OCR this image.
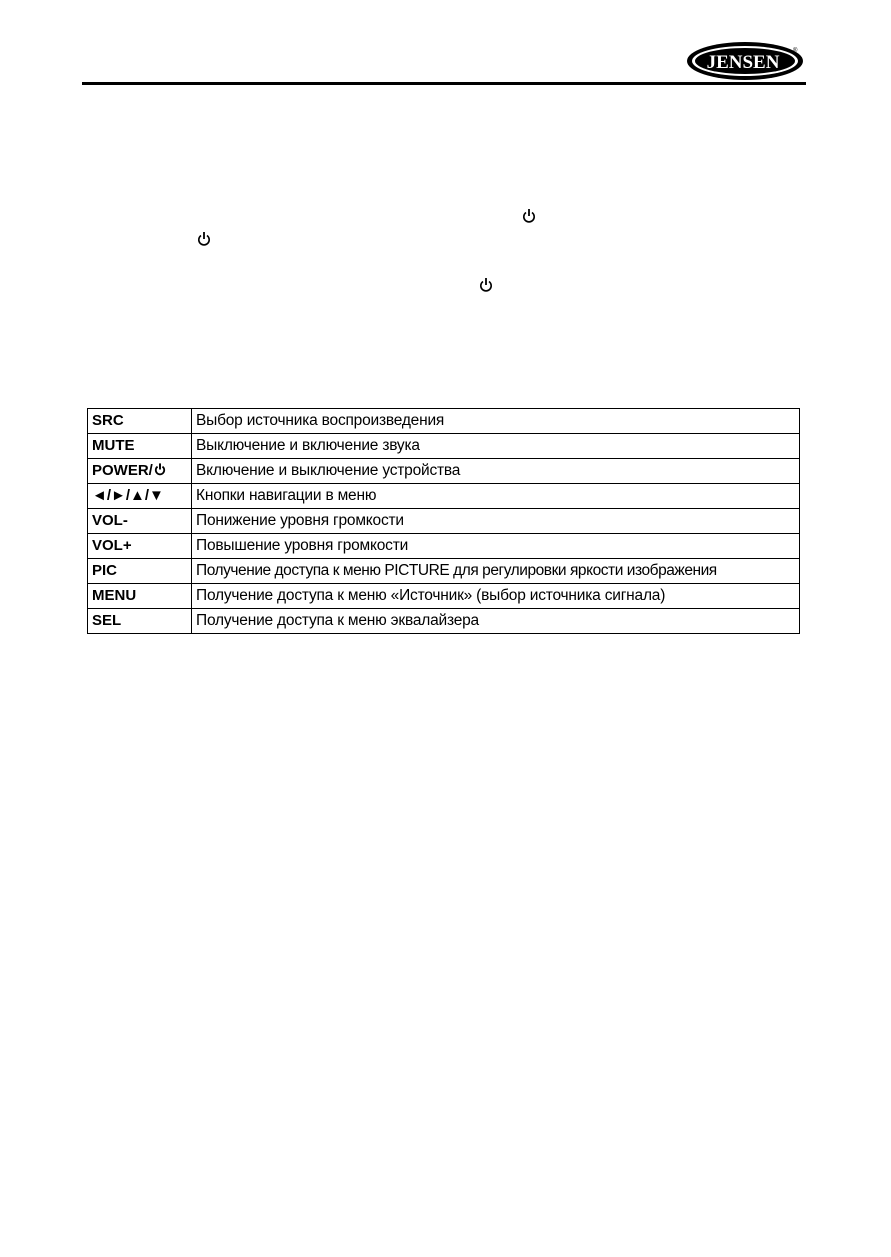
JENSEN
®
SRC	Выбор источника воспроизведения
MUTE	Выключение и включение звука
POWER/	Включение и выключение устройства
◄/►/▲/▼	Кнопки навигации в меню
VOL-	Понижение уровня громкости
VOL+	Повышение уровня громкости
PIC	Получение доступа к меню PICTURE для регулировки яркости изображения
MENU	Получение доступа к меню «Источник» (выбор источника сигнала)
SEL	Получение доступа к меню эквалайзера
